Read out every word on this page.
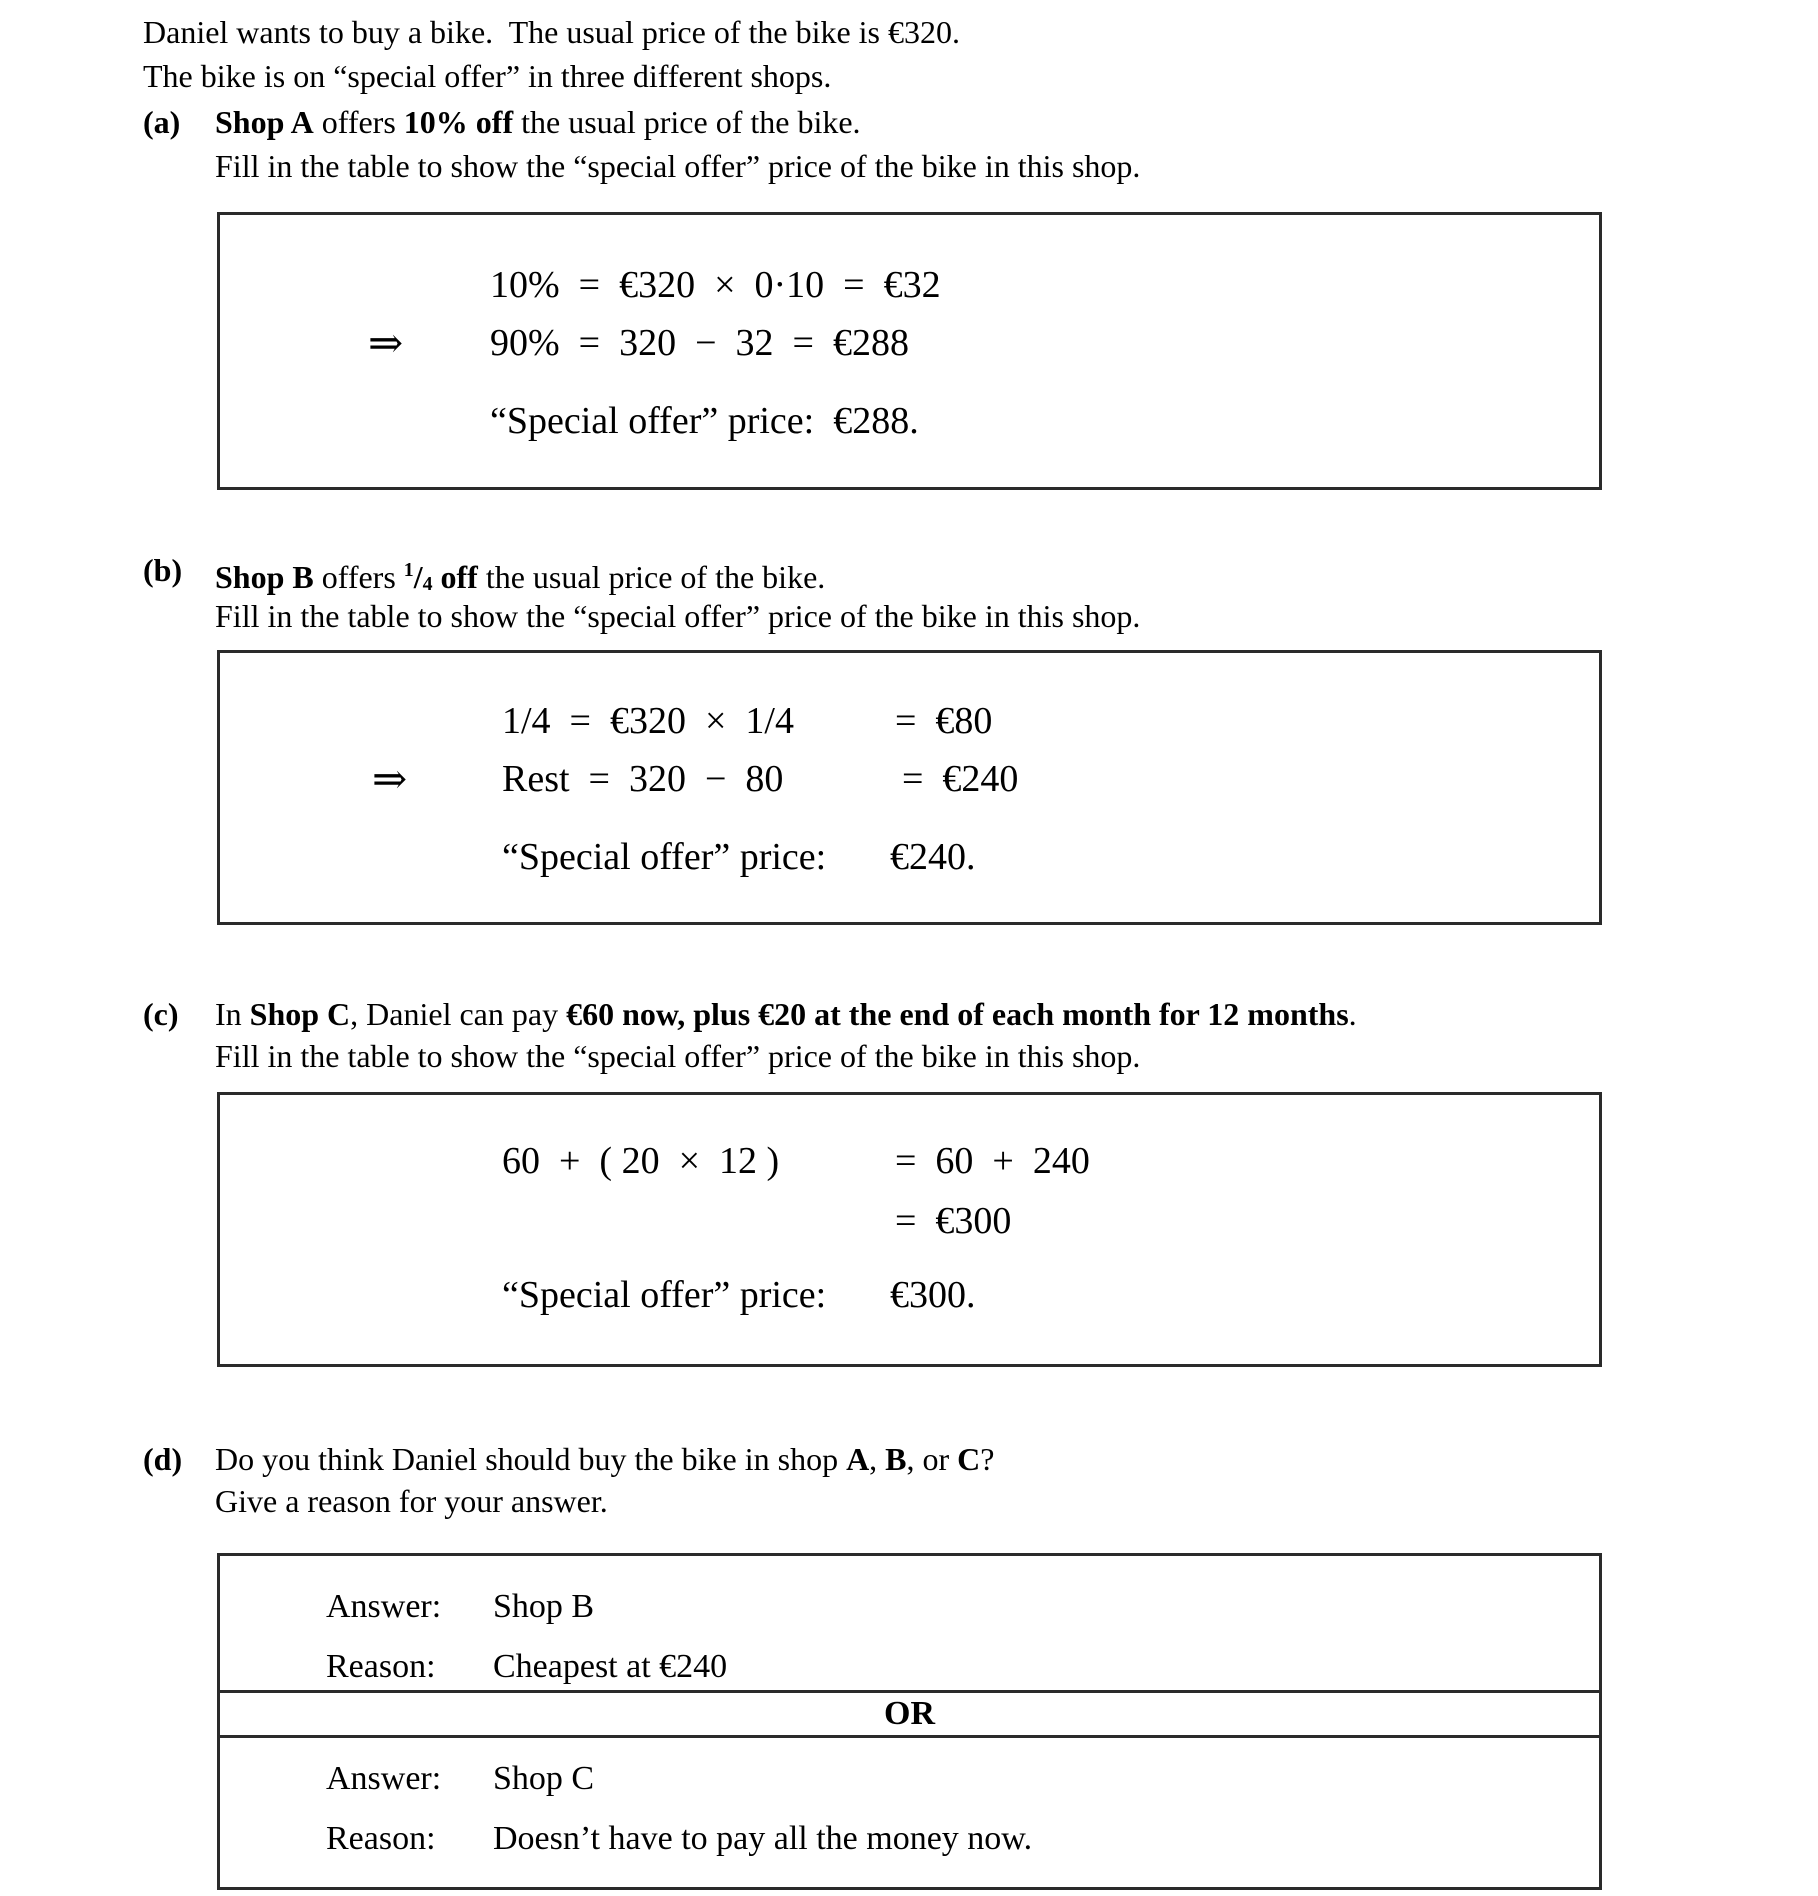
Daniel wants to buy a bike.  The usual price of the bike is €320.
The bike is on “special offer” in three different shops.
(a) Shop A offers 10% off the usual price of the bike.
Fill in the table to show the “special offer” price of the bike in this shop.
10%  =  €320  ×  0·10  =  €32
⇒ 90%  =  320  −  32  =  €288
“Special offer” price:  €288.
(b) Shop B offers $^1$/4 off the usual price of the bike.
Fill in the table to show the “special offer” price of the bike in this shop.
1/4  =  €320  ×  1/4	=  €80
⇒ Rest  =  320  −  80	=  €240
“Special offer” price: €240.
(c) In Shop C, Daniel can pay €60 now, plus €20 at the end of each month for 12 months.
Fill in the table to show the “special offer” price of the bike in this shop.
60  +  ( 20  ×  12 )	=  60  +  240
=  €300
“Special offer” price: €300.
(d) Do you think Daniel should buy the bike in shop A, B, or C?
Give a reason for your answer.
Answer: Shop B
Reason: Cheapest at €240
OR
Answer: Shop C
Reason: Doesn’t have to pay all the money now.
